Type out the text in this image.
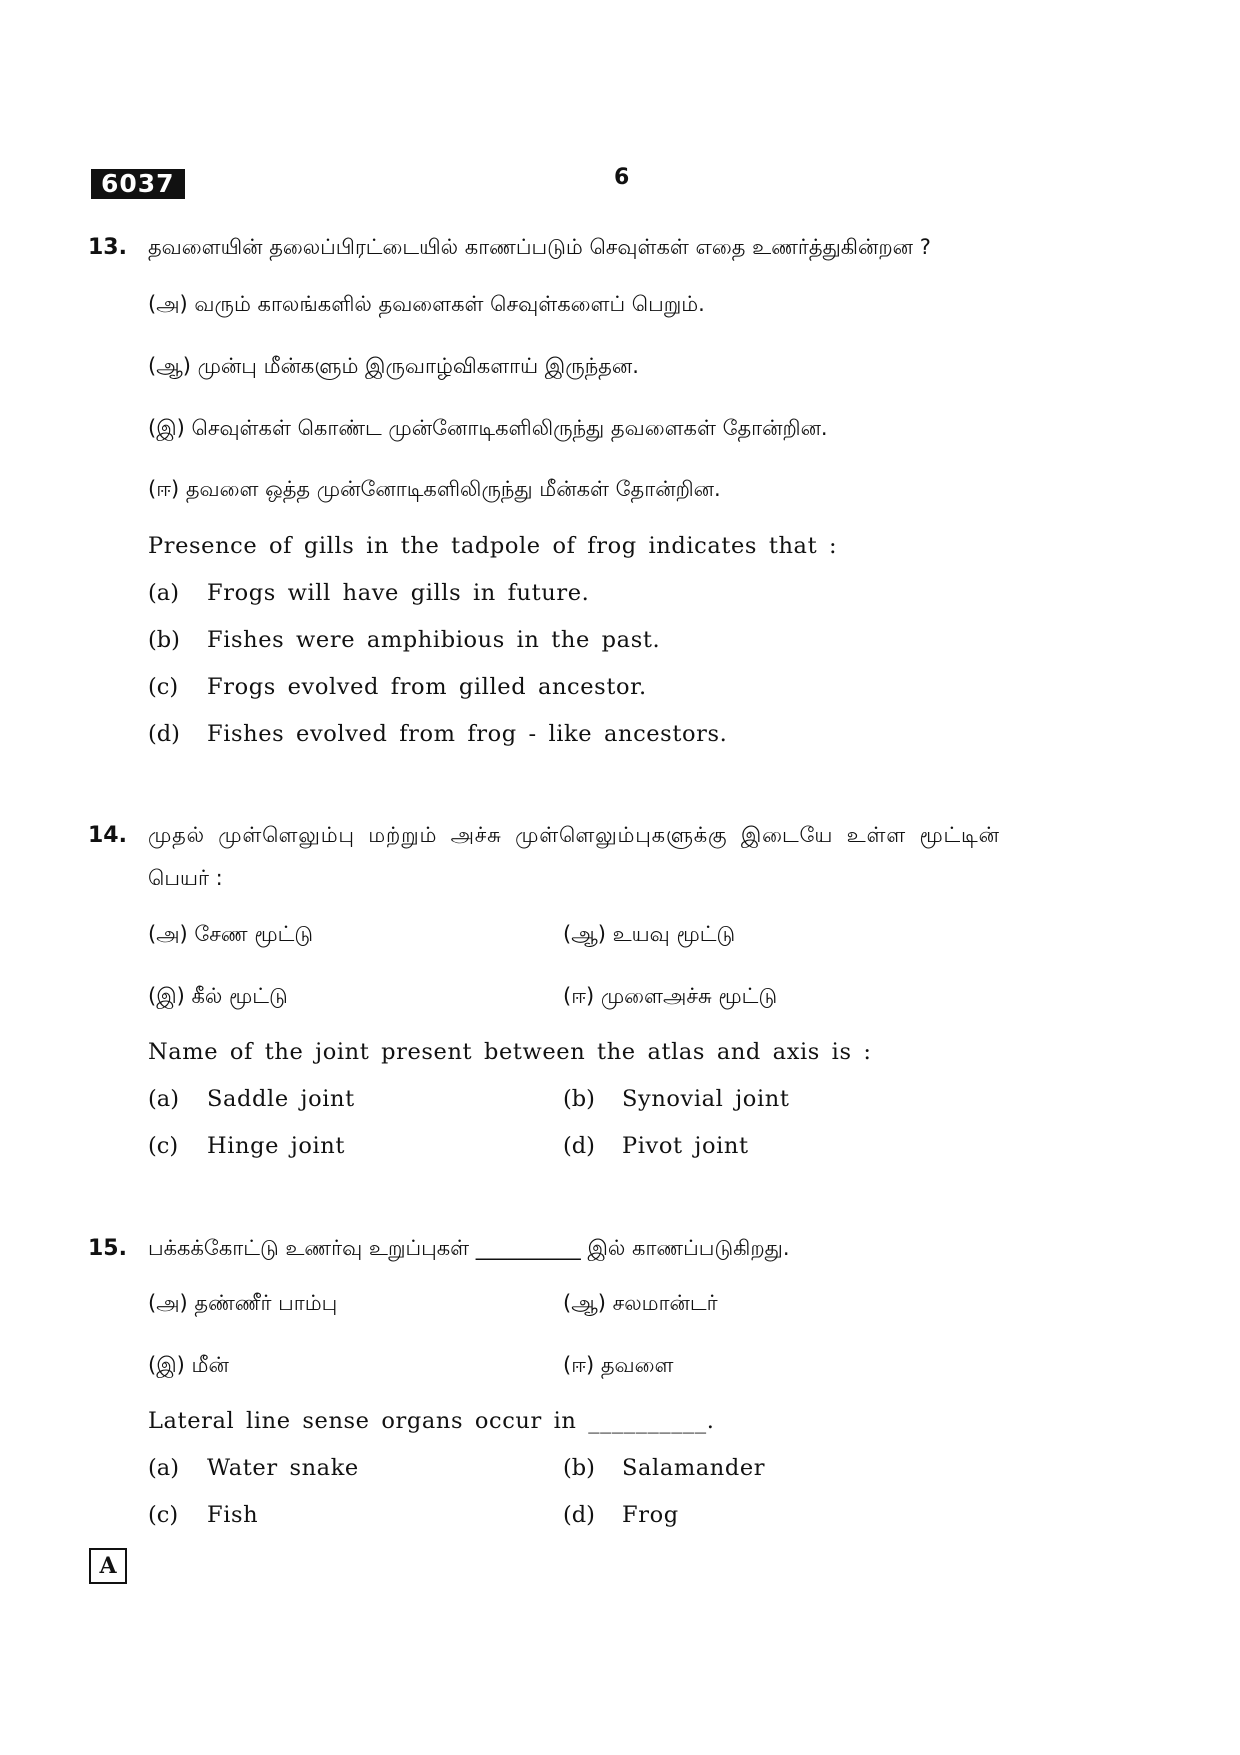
6037	6
13. தவளையின் தலைப்பிரட்டையில் காணப்படும் செவுள்கள் எதை உணர்த்துகின்றன ?
(அ) வரும் காலங்களில் தவளைகள் செவுள்களைப் பெறும்.
(ஆ) முன்பு மீன்களும் இருவாழ்விகளாய் இருந்தன.
(இ) செவுள்கள் கொண்ட முன்னோடிகளிலிருந்து தவளைகள் தோன்றின.
(ஈ) தவளை ஒத்த முன்னோடிகளிலிருந்து மீன்கள் தோன்றின.
Presence of gills in the tadpole of frog indicates that :
(a) Frogs will have gills in future.
(b) Fishes were amphibious in the past.
(c) Frogs evolved from gilled ancestor.
(d) Fishes evolved from frog - like ancestors.
14. முதல் முள்ளெலும்பு மற்றும் அச்சு முள்ளெலும்புகளுக்கு இடையே உள்ள மூட்டின்
பெயர் :
(அ) சேண மூட்டு	(ஆ) உயவு மூட்டு
(இ) கீல் மூட்டு	(ஈ) முளைஅச்சு மூட்டு
Name of the joint present between the atlas and axis is :
(a) Saddle joint	(b) Synovial joint
(c) Hinge joint	(d) Pivot joint
15. பக்கக்கோட்டு உணர்வு உறுப்புகள் __________ இல் காணப்படுகிறது.
(அ) தண்ணீர் பாம்பு	(ஆ) சலமான்டர்
(இ) மீன்	(ஈ) தவளை
Lateral line sense organs occur in __________.
(a) Water snake	(b) Salamander
(c) Fish	(d) Frog
A
